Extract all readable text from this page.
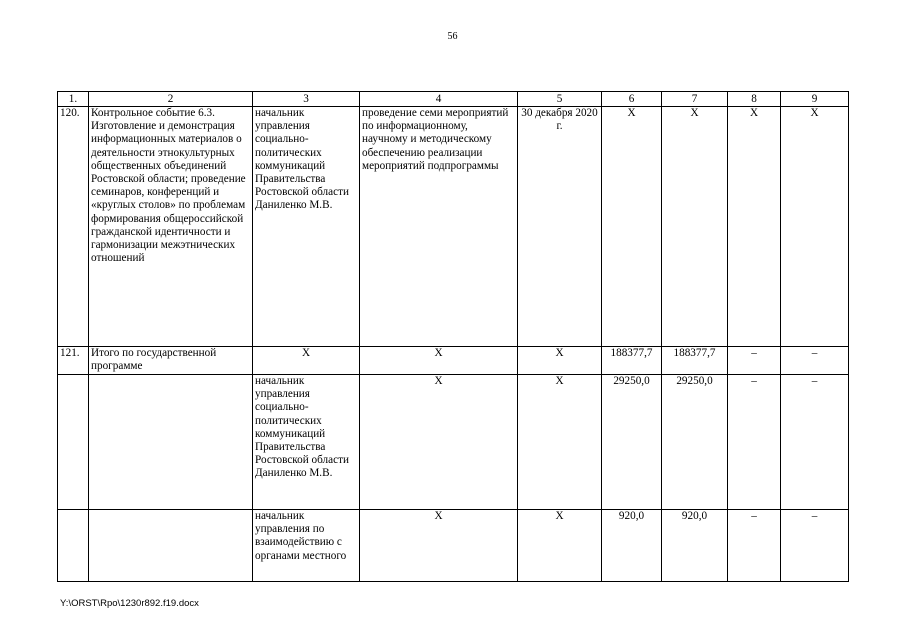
56
1.	2	3	4	5	6	7	8	9
120.	Контрольное событие 6.3. Изготовление и демонстрация информационных материалов о деятельности этнокультурных общественных объединений Ростовской области; проведение семинаров, конференций и «круглых столов» по проблемам формирования общероссийской гражданской идентичности и гармонизации межэтнических отношений	начальник управления социально-политических коммуникаций Правительства Ростовской области Даниленко М.В.	проведение семи мероприятий по информационному, научному и методическому обеспечению реализации мероприятий подпрограммы	30 декабря 2020 г.	Х	Х	Х	Х
121.	Итого по государственной программе	Х	Х	Х	188377,7	188377,7	–	–
		начальник управления социально-политических коммуникаций Правительства Ростовской области Даниленко М.В.	Х	Х	29250,0	29250,0	–	–
		начальник управления по взаимодействию с органами местного	Х	Х	920,0	920,0	–	–
Y:\ORST\Rpo\1230r892.f19.docx
